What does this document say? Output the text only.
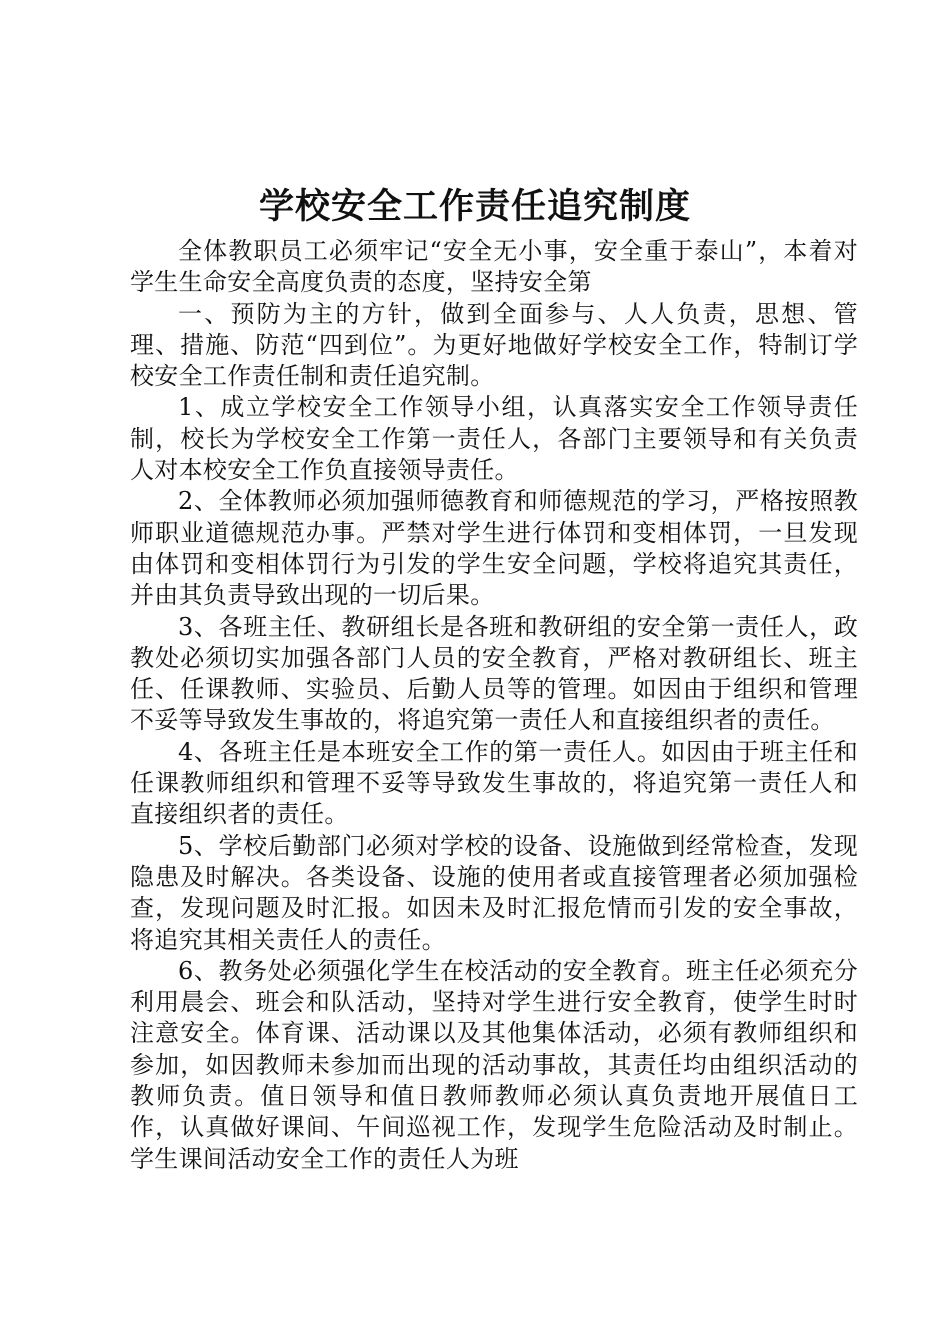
学校安全工作责任追究制度

全体教职员工必须牢记“安全无小事，安全重于泰山”，本着对学生生命安全高度负责的态度，坚持安全第

一、预防为主的方针，做到全面参与、人人负责，思想、管理、措施、防范“四到位”。为更好地做好学校安全工作，特制订学校安全工作责任制和责任追究制。

1、成立学校安全工作领导小组，认真落实安全工作领导责任制，校长为学校安全工作第一责任人，各部门主要领导和有关负责人对本校安全工作负直接领导责任。

2、全体教师必须加强师德教育和师德规范的学习，严格按照教师职业道德规范办事。严禁对学生进行体罚和变相体罚，一旦发现由体罚和变相体罚行为引发的学生安全问题，学校将追究其责任，并由其负责导致出现的一切后果。

3、各班主任、教研组长是各班和教研组的安全第一责任人，政教处必须切实加强各部门人员的安全教育，严格对教研组长、班主任、任课教师、实验员、后勤人员等的管理。如因由于组织和管理不妥等导致发生事故的，将追究第一责任人和直接组织者的责任。

4、各班主任是本班安全工作的第一责任人。如因由于班主任和任课教师组织和管理不妥等导致发生事故的，将追究第一责任人和直接组织者的责任。

5、学校后勤部门必须对学校的设备、设施做到经常检查，发现隐患及时解决。各类设备、设施的使用者或直接管理者必须加强检查，发现问题及时汇报。如因未及时汇报危情而引发的安全事故，将追究其相关责任人的责任。

6、教务处必须强化学生在校活动的安全教育。班主任必须充分利用晨会、班会和队活动，坚持对学生进行安全教育，使学生时时注意安全。体育课、活动课以及其他集体活动，必须有教师组织和参加，如因教师未参加而出现的活动事故，其责任均由组织活动的教师负责。值日领导和值日教师教师必须认真负责地开展值日工作，认真做好课间、午间巡视工作，发现学生危险活动及时制止。学生课间活动安全工作的责任人为班
